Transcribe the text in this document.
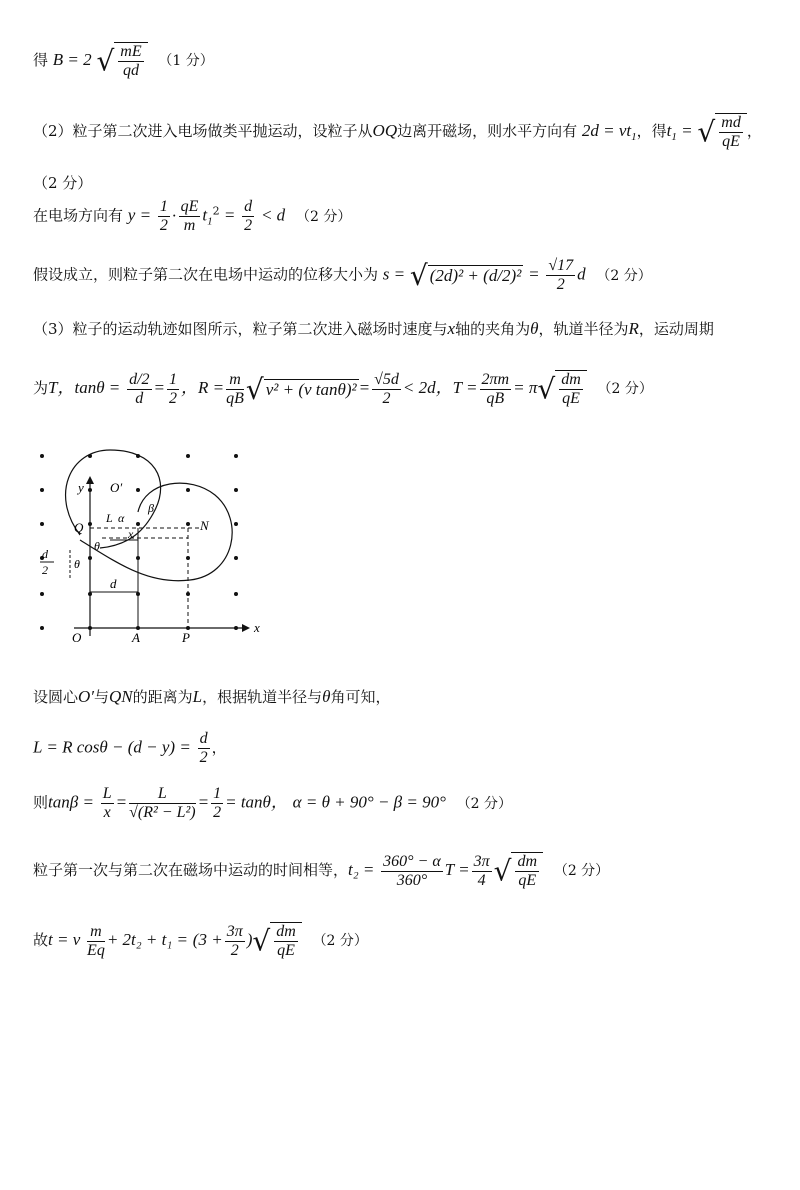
得 B = 2 √ $\frac{mE}{qd} (1$ 分）
（2）粒子第二次进入电场做类平抛运动，设粒子从OQ边离开磁场，则水平方向有 $2d = vt_1$，得$t_1$ = √ $\frac{md}{qE}$ ，
（2 分）
在电场方向有 $y = \frac{1}{2} \cdot \frac{qE}{m} t_1^2 = \frac{d}{2} < d$ （2 分）
假设成立，则粒子第二次在电场中运动的位移大小为 s = √ $(2d)^2 + (d/2)^2 = \frac{√17}{2}$ d （2 分）
（3）粒子的运动轨迹如图所示，粒子第二次进入磁场时速度与x轴的夹角为θ，轨道半径为R，运动周期
为T，$\tan\theta = \frac{d/2}{d} = \frac{1}{2}$ ，$R = \frac{m}{qB}$ √ v² + (v $\tan\theta)^2 = \frac{√5d}{2} < 2d$，$T = \frac{2\pi m}{qB} = \pi√ \frac{dm}{qE} (2$ 分）
y
x
O	A	P
Q	N
O′
L α
β
x
θ
θ
d
d
2
设圆心O′与QN的距离为L，根据轨道半径与θ角可知，
L = R $\cos\theta - (d - y) = \frac{d}{2}$ ，
则$\tan\beta = \frac{L}{x} = \frac{L}{\text{√(R² − L²)}} = \frac{1}{2} = \tan\theta$， α = θ + 90° − β = 90° （2 分）
粒子第一次与第二次在磁场中运动的时间相等，$t_2 = \frac{360^\circ - \alpha}{360^\circ}$ $T = \frac{3\pi}{4}$ √ $\frac{dm}{qE} (2$ 分）
故t = v $\frac{m}{Eq} + 2t_2 + t_1 = (3 + \frac{3\pi}{2}$ )√ $\frac{dm}{qE} (2$ 分）
